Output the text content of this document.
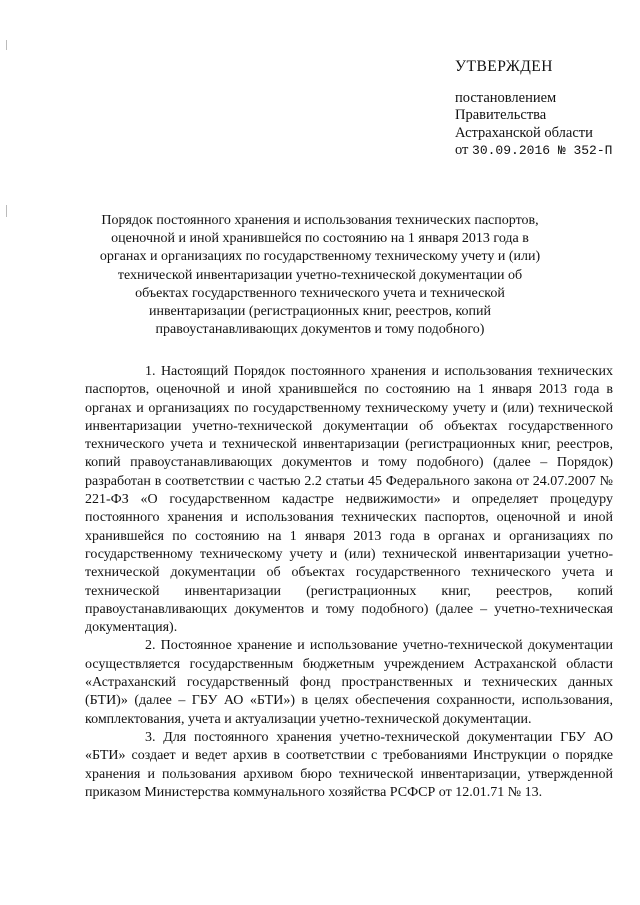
УТВЕРЖДЕН
постановлением
Правительства
Астраханской области
от 30.09.2016 № 352-П
Порядок постоянного хранения и использования технических паспортов, оценочной и иной хранившейся по состоянию на 1 января 2013 года в органах и организациях по государственному техническому учету и (или) технической инвентаризации учетно-технической документации об объектах государственного технического учета и технической инвентаризации (регистрационных книг, реестров, копий правоустанавливающих документов и тому подобного)

1. Настоящий Порядок постоянного хранения и использования технических паспортов, оценочной и иной хранившейся по состоянию на 1 января 2013 года в органах и организациях по государственному техническому учету и (или) технической инвентаризации учетно-технической документации об объектах государственного технического учета и технической инвентаризации (регистрационных книг, реестров, копий правоустанавливающих документов и тому подобного) (далее – Порядок) разработан в соответствии с частью 2.2 статьи 45 Федерального закона от 24.07.2007 № 221-ФЗ «О государственном кадастре недвижимости» и определяет процедуру постоянного хранения и использования технических паспортов, оценочной и иной хранившейся по состоянию на 1 января 2013 года в органах и организациях по государственному техническому учету и (или) технической инвентаризации учетно-технической документации об объектах государственного технического учета и технической инвентаризации (регистрационных книг, реестров, копий правоустанавливающих документов и тому подобного) (далее – учетно-техническая документация).

2. Постоянное хранение и использование учетно-технической документации осуществляется государственным бюджетным учреждением Астраханской области «Астраханский государственный фонд пространственных и технических данных (БТИ)» (далее – ГБУ АО «БТИ») в целях обеспечения сохранности, использования, комплектования, учета и актуализации учетно-технической документации.

3. Для постоянного хранения учетно-технической документации ГБУ АО «БТИ» создает и ведет архив в соответствии с требованиями Инструкции о порядке хранения и пользования архивом бюро технической инвентаризации, утвержденной приказом Министерства коммунального хозяйства РСФСР от 12.01.71 № 13.
